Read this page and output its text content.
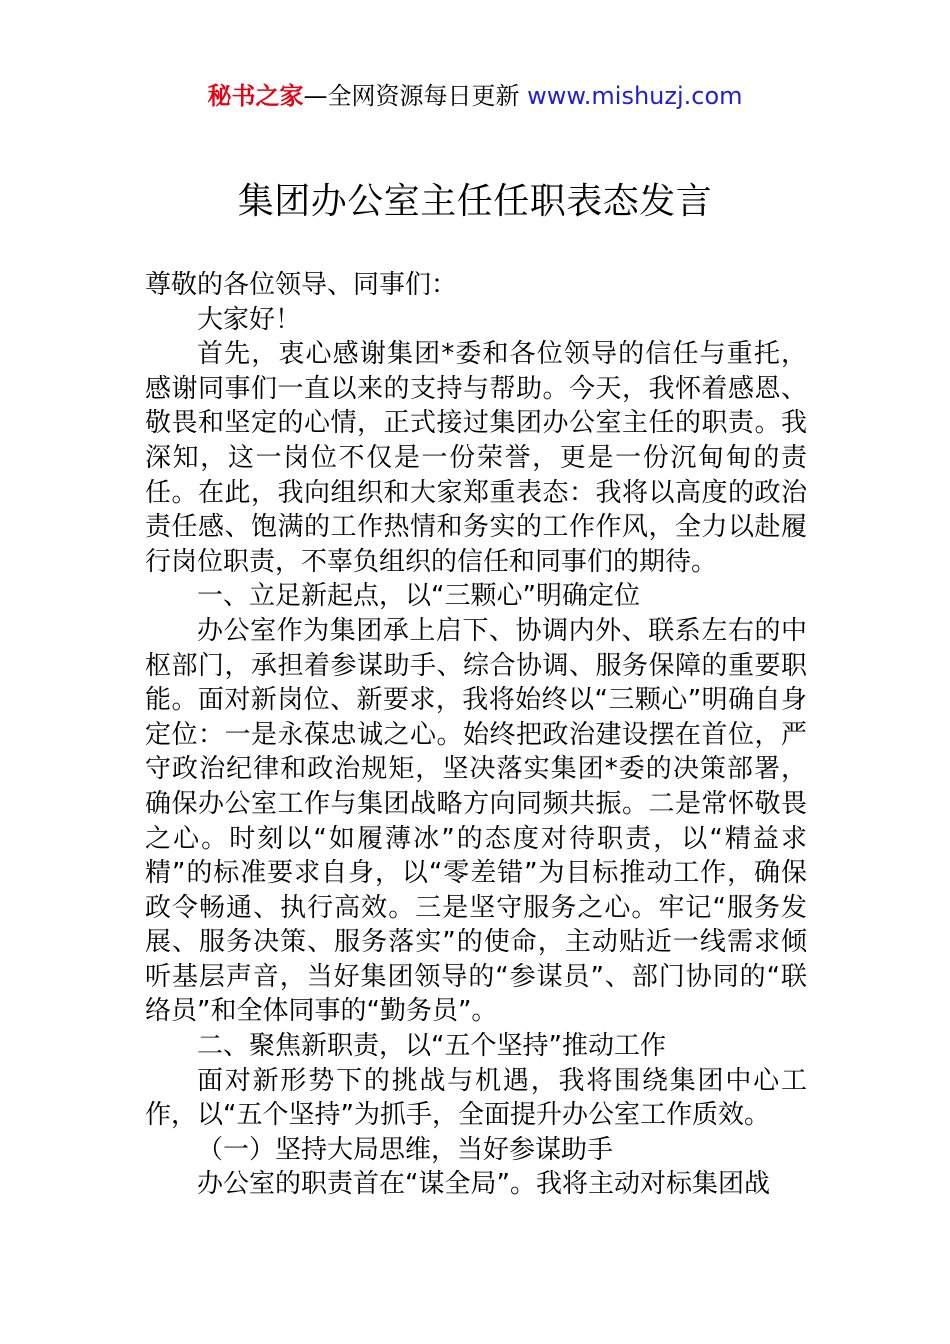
秘书之家—全网资源每日更新 www.mishuzj.com
集团办公室主任任职表态发言

尊敬的各位领导、同事们：

大家好！

首先，衷心感谢集团*委和各位领导的信任与重托，感谢同事们一直以来的支持与帮助。今天，我怀着感恩、敬畏和坚定的心情，正式接过集团办公室主任的职责。我深知，这一岗位不仅是一份荣誉，更是一份沉甸甸的责任。在此，我向组织和大家郑重表态：我将以高度的政治责任感、饱满的工作热情和务实的工作作风，全力以赴履行岗位职责，不辜负组织的信任和同事们的期待。

一、立足新起点，以“三颗心”明确定位

办公室作为集团承上启下、协调内外、联系左右的中枢部门，承担着参谋助手、综合协调、服务保障的重要职能。面对新岗位、新要求，我将始终以“三颗心”明确自身定位：一是永葆忠诚之心。始终把政治建设摆在首位，严守政治纪律和政治规矩，坚决落实集团*委的决策部署，确保办公室工作与集团战略方向同频共振。二是常怀敬畏之心。时刻以“如履薄冰”的态度对待职责，以“精益求精”的标准要求自身，以“零差错”为目标推动工作，确保政令畅通、执行高效。三是坚守服务之心。牢记“服务发展、服务决策、服务落实”的使命，主动贴近一线需求倾听基层声音，当好集团领导的“参谋员”、部门协同的“联络员”和全体同事的“勤务员”。

二、聚焦新职责，以“五个坚持”推动工作

面对新形势下的挑战与机遇，我将围绕集团中心工作，以“五个坚持”为抓手，全面提升办公室工作质效。

（一）坚持大局思维，当好参谋助手

办公室的职责首在“谋全局”。我将主动对标集团战
